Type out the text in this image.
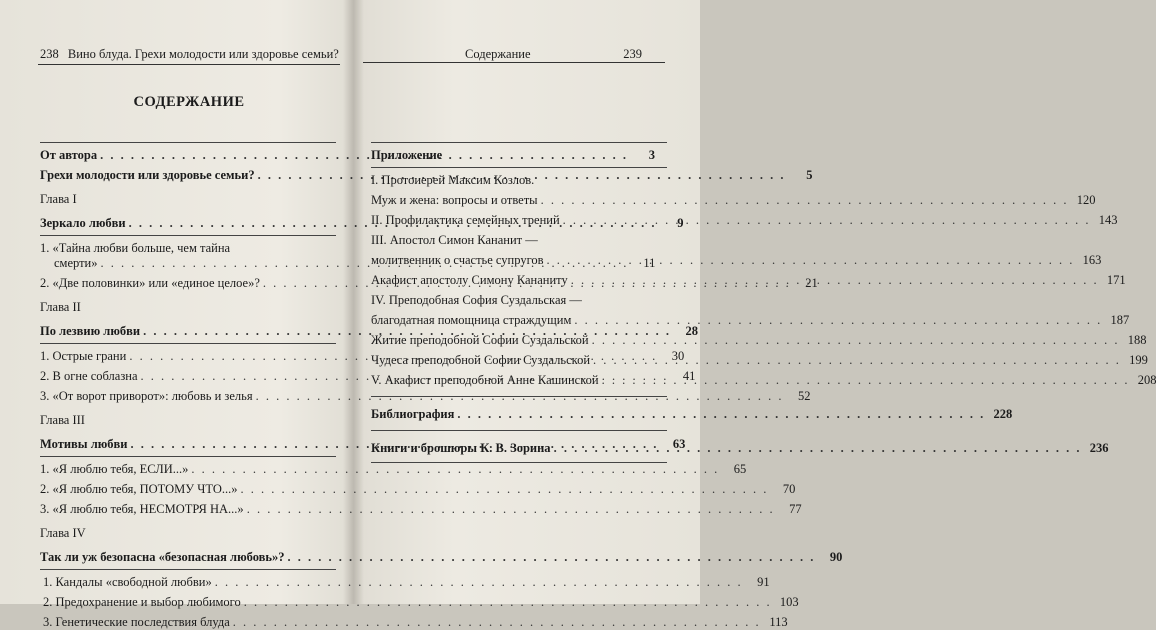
238 Вино блуда. Грехи молодости или здоровье семьи?
СОДЕРЖАНИЕ
От автора . . .	3
Грехи молодости или здоровье семьи? . . .	5
Глава I
Зеркало любви . . .	9
1. «Тайна любви больше, чем тайна
смерти» . . .	11
2. «Две половинки» или «единое целое»? . . .	21
Глава II
По лезвию любви . . .	28
1. Острые грани . . .	30
2. В огне соблазна . . .	41
3. «От ворот приворот»: любовь и зелья . . .	52
Глава III
Мотивы любви . . .	63
1. «Я люблю тебя, ЕСЛИ...» . . .	65
2. «Я люблю тебя, ПОТОМУ ЧТО...» . . .	70
3. «Я люблю тебя, НЕСМОТРЯ НА...» . . .	77
Глава IV
Так ли уж безопасна «безопасная любовь»? . . .	90
1. Кандалы «свободной любви» . . .	91
2. Предохранение и выбор любимого . . .	103
3. Генетические последствия блуда . . .	113
Содержание	239
Приложение
I. Протоиерей Максим Козлов.
Муж и жена: вопросы и ответы . . .	120
II. Профилактика семейных трений . . .	143
III. Апостол Симон Кананит —
молитвенник о счастье супругов . . .	163
Акафист апостолу Симону Кананиту . . .	171
IV. Преподобная София Суздальская —
благодатная помощница страждущим . . .	187
Житие преподобной Софии Суздальской . . .	188
Чудеса преподобной Софии Суздальской . . .	199
V. Акафист преподобной Анне Кашинской . . .	208
Библиография . . .	228
Книги и брошюры К. В. Зорина . . .	236
